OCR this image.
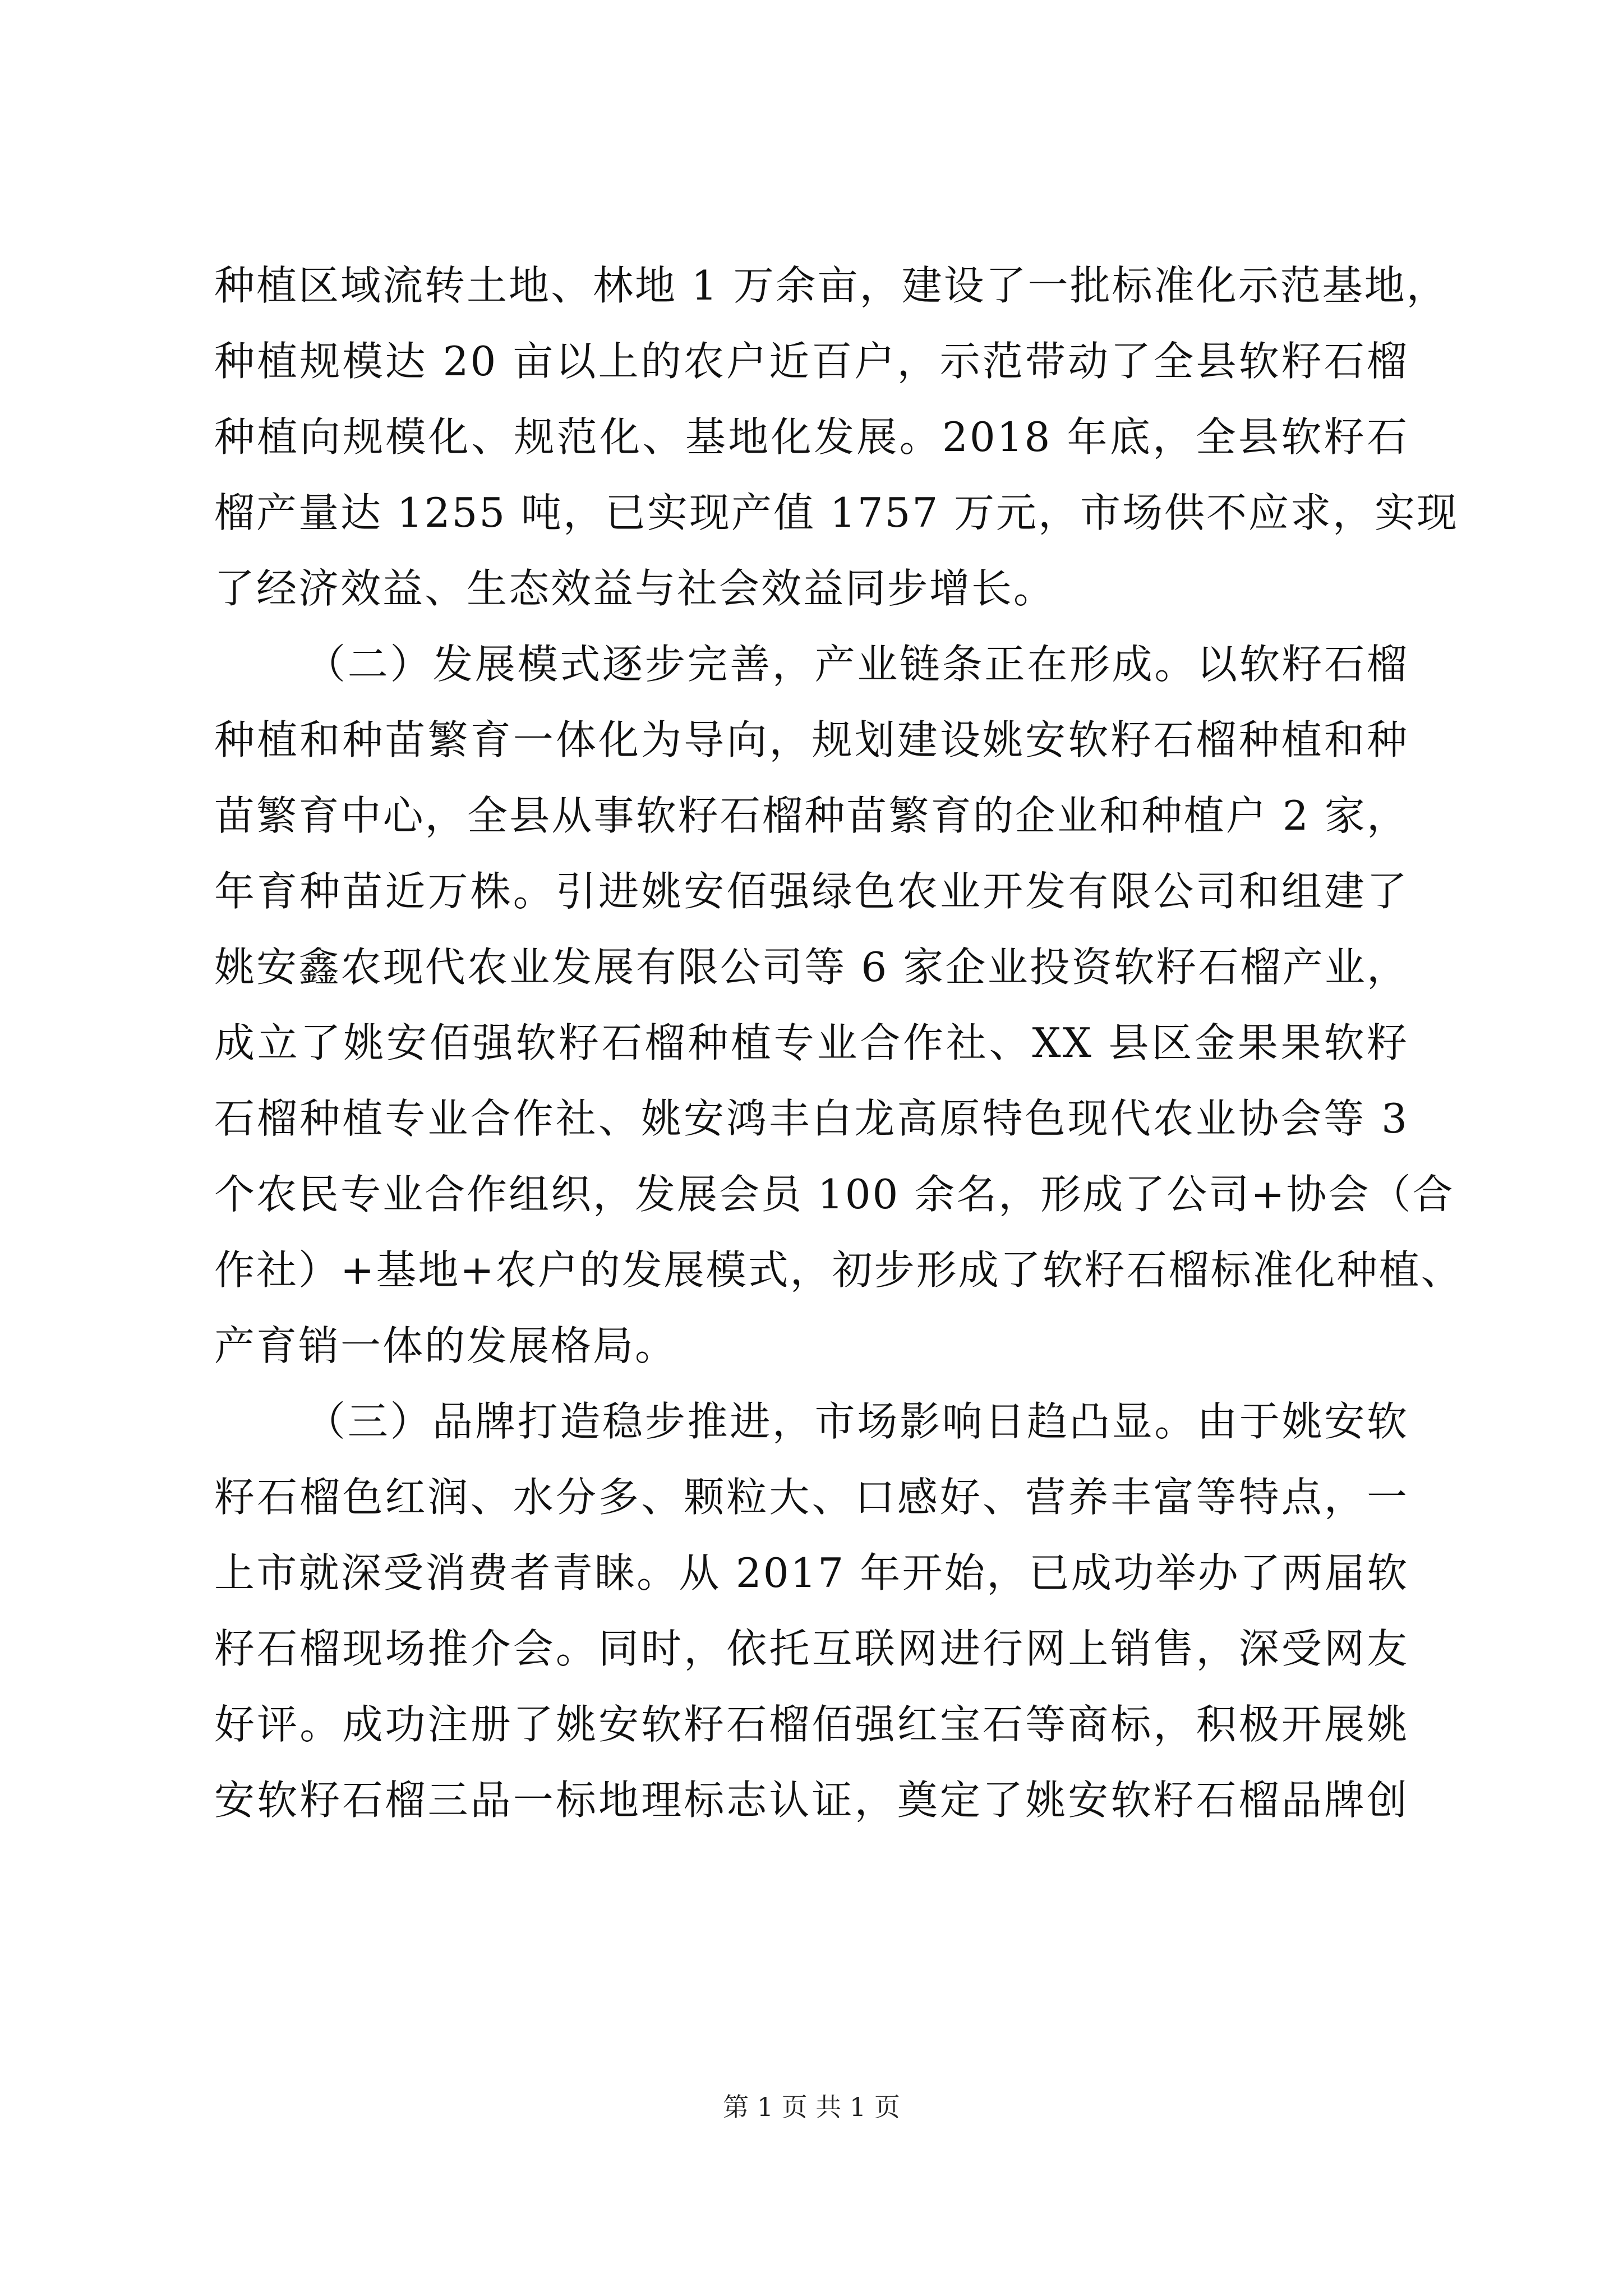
种植区域流转土地、林地 1 万余亩，建设了一批标准化示范基地，
种植规模达 20 亩以上的农户近百户，示范带动了全县软籽石榴
种植向规模化、规范化、基地化发展。2018 年底，全县软籽石
榴产量达 1255 吨，已实现产值 1757 万元，市场供不应求，实现
了经济效益、生态效益与社会效益同步增长。
（二）发展模式逐步完善，产业链条正在形成。以软籽石榴
种植和种苗繁育一体化为导向，规划建设姚安软籽石榴种植和种
苗繁育中心，全县从事软籽石榴种苗繁育的企业和种植户 2 家，
年育种苗近万株。引进姚安佰强绿色农业开发有限公司和组建了
姚安鑫农现代农业发展有限公司等 6 家企业投资软籽石榴产业，
成立了姚安佰强软籽石榴种植专业合作社、XX 县区金果果软籽
石榴种植专业合作社、姚安鸿丰白龙高原特色现代农业协会等 3
个农民专业合作组织，发展会员 100 余名，形成了公司+协会（合
作社）+基地+农户的发展模式，初步形成了软籽石榴标准化种植、
产育销一体的发展格局。
（三）品牌打造稳步推进，市场影响日趋凸显。由于姚安软
籽石榴色红润、水分多、颗粒大、口感好、营养丰富等特点，一
上市就深受消费者青睐。从 2017 年开始，已成功举办了两届软
籽石榴现场推介会。同时，依托互联网进行网上销售，深受网友
好评。成功注册了姚安软籽石榴佰强红宝石等商标，积极开展姚
安软籽石榴三品一标地理标志认证，奠定了姚安软籽石榴品牌创
第 1 页 共 1 页
